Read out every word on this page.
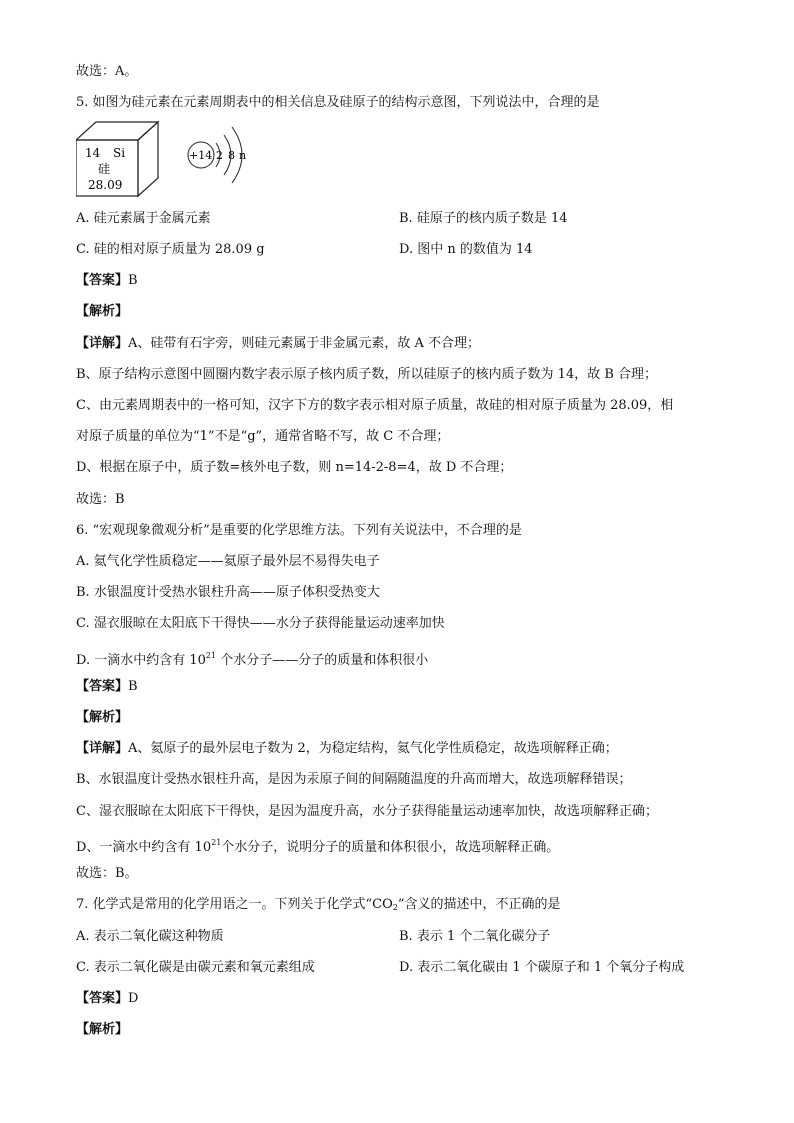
故选：A。
5. 如图为硅元素在元素周期表中的相关信息及硅原子的结构示意图，下列说法中，合理的是
14 Si
硅
28.09
+14 2 8 n
A. 硅元素属于金属元素	B. 硅原子的核内质子数是 14
C. 硅的相对原子质量为 28.09 g	D. 图中 n 的数值为 14
【答案】B
【解析】
【详解】A、硅带有石字旁，则硅元素属于非金属元素，故 A 不合理；
B、原子结构示意图中圆圈内数字表示原子核内质子数，所以硅原子的核内质子数为 14，故 B 合理；
C、由元素周期表中的一格可知，汉字下方的数字表示相对原子质量，故硅的相对原子质量为 28.09，相
对原子质量的单位为“1”不是“g”，通常省略不写，故 C 不合理；
D、根据在原子中，质子数=核外电子数，则 n=14-2-8=4，故 D 不合理；
故选：B
6. “宏观现象微观分析”是重要的化学思维方法。下列有关说法中，不合理的是
A. 氦气化学性质稳定——氦原子最外层不易得失电子
B. 水银温度计受热水银柱升高——原子体积受热变大
C. 湿衣服晾在太阳底下干得快——水分子获得能量运动速率加快
D. 一滴水中约含有 $10^{21}$ 个水分子——分子的质量和体积很小
【答案】B
【解析】
【详解】A、氦原子的最外层电子数为 2，为稳定结构，氦气化学性质稳定，故选项解释正确；
B、水银温度计受热水银柱升高，是因为汞原子间的间隔随温度的升高而增大，故选项解释错误；
C、湿衣服晾在太阳底下干得快，是因为温度升高，水分子获得能量运动速率加快，故选项解释正确；
D、一滴水中约含有 $10^{21}$个水分子，说明分子的质量和体积很小，故选项解释正确。
故选：B。
7. 化学式是常用的化学用语之一。下列关于化学式“$CO_2$”含义的描述中，不正确的是
A. 表示二氧化碳这种物质	B. 表示 1 个二氧化碳分子
C. 表示二氧化碳是由碳元素和氧元素组成	D. 表示二氧化碳由 1 个碳原子和 1 个氧分子构成
【答案】D
【解析】
